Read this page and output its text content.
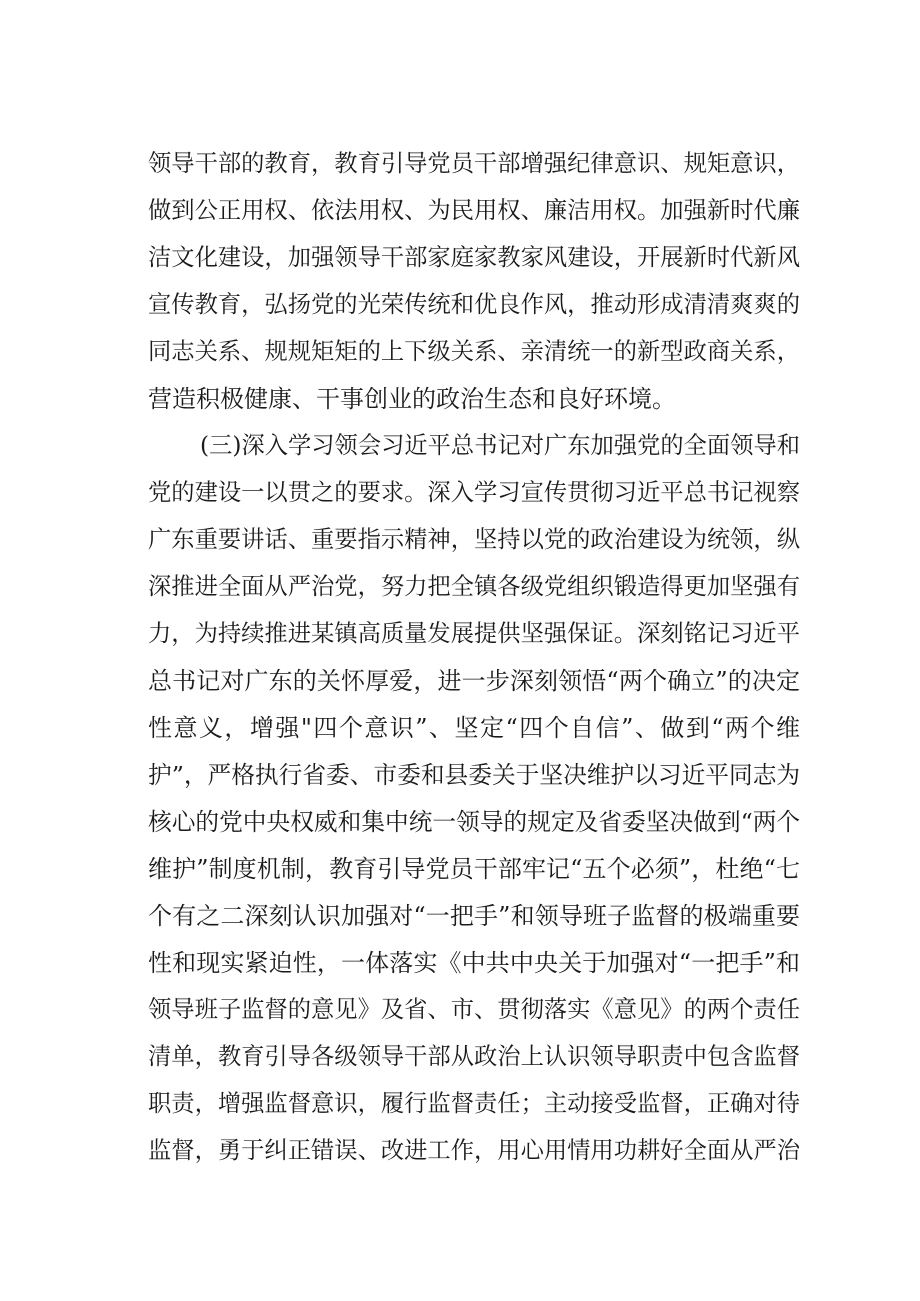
领导干部的教育，教育引导党员干部增强纪律意识、规矩意识，
做到公正用权、依法用权、为民用权、廉洁用权。加强新时代廉
洁文化建设，加强领导干部家庭家教家风建设，开展新时代新风
宣传教育，弘扬党的光荣传统和优良作风，推动形成清清爽爽的
同志关系、规规矩矩的上下级关系、亲清统一的新型政商关系，
营造积极健康、干事创业的政治生态和良好环境。
(三)深入学习领会习近平总书记对广东加强党的全面领导和
党的建设一以贯之的要求。深入学习宣传贯彻习近平总书记视察
广东重要讲话、重要指示精神，坚持以党的政治建设为统领，纵
深推进全面从严治党，努力把全镇各级党组织锻造得更加坚强有
力，为持续推进某镇高质量发展提供坚强保证。深刻铭记习近平
总书记对广东的关怀厚爱，进一步深刻领悟“两个确立”的决定
性意义，增强"四个意识”、坚定“四个自信”、做到“两个维
护”，严格执行省委、市委和县委关于坚决维护以习近平同志为
核心的党中央权威和集中统一领导的规定及省委坚决做到“两个
维护”制度机制，教育引导党员干部牢记“五个必须”，杜绝“七
个有之二深刻认识加强对“一把手”和领导班子监督的极端重要
性和现实紧迫性，一体落实《中共中央关于加强对“一把手”和
领导班子监督的意见》及省、市、贯彻落实《意见》的两个责任
清单，教育引导各级领导干部从政治上认识领导职责中包含监督
职责，增强监督意识，履行监督责任；主动接受监督，正确对待
监督，勇于纠正错误、改进工作，用心用情用功耕好全面从严治
